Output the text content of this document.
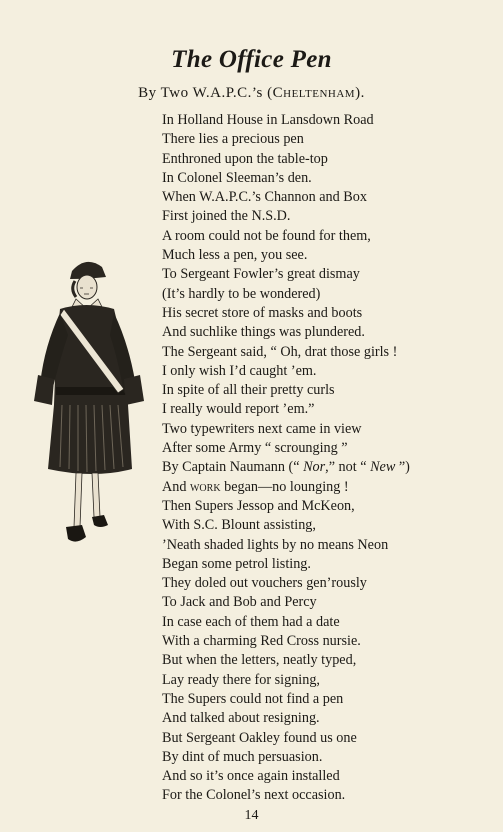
The Office Pen
By Two W.A.P.C.’s (Cheltenham).
In Holland House in Lansdown Road
There lies a precious pen
Enthroned upon the table-top
In Colonel Sleeman’s den.
When W.A.P.C.’s Channon and Box
First joined the N.S.D.
A room could not be found for them,
Much less a pen, you see.
To Sergeant Fowler’s great dismay
(It’s hardly to be wondered)
His secret store of masks and boots
And suchlike things was plundered.
The Sergeant said, “ Oh, drat those girls !
I only wish I’d caught ’em.
In spite of all their pretty curls
I really would report ’em.”
Two typewriters next came in view
After some Army “ scrounging ”
By Captain Naumann (“ Nor,” not “ New ”)
And work began—no lounging !
Then Supers Jessop and McKeon,
With S.C. Blount assisting,
’Neath shaded lights by no means Neon
Began some petrol listing.
They doled out vouchers gen’rously
To Jack and Bob and Percy
In case each of them had a date
With a charming Red Cross nursie.
But when the letters, neatly typed,
Lay ready there for signing,
The Supers could not find a pen
And talked about resigning.
But Sergeant Oakley found us one
By dint of much persuasion.
And so it’s once again installed
For the Colonel’s next occasion.
14
